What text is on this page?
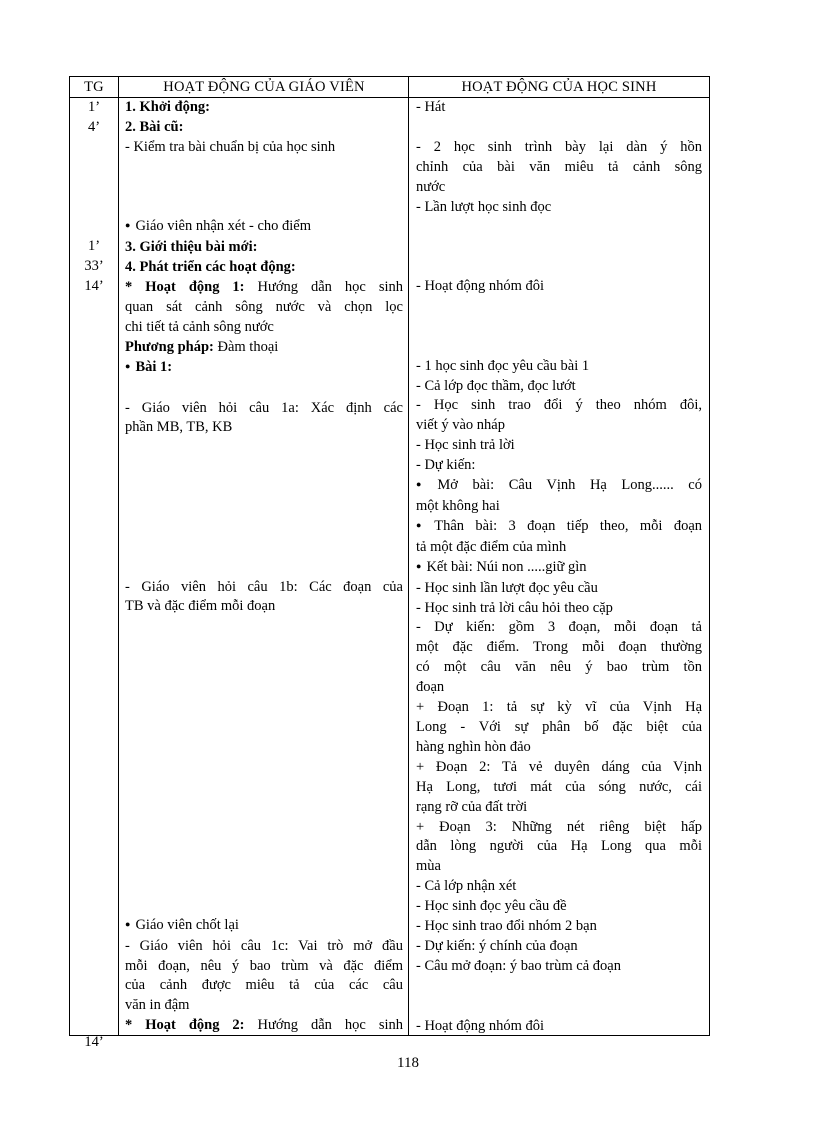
TG	HOẠT ĐỘNG CỦA GIÁO VIÊN	HOẠT ĐỘNG CỦA HỌC SINH
1’
4’
1’
33’
14’
14’
1. Khởi động:
2. Bài cũ:
- Kiểm tra bài chuẩn bị của học sinh
● Giáo viên nhận xét - cho điểm
3. Giới thiệu bài mới:
4. Phát triển các hoạt động:
* Hoạt động 1: Hướng dẫn học sinh
quan sát cảnh sông nước và chọn lọc
chi tiết tả cảnh sông nước
Phương pháp: Đàm thoại
● Bài 1:
- Giáo viên hỏi câu 1a: Xác định các
phần MB, TB, KB
- Giáo viên hỏi câu 1b: Các đoạn của
TB và đặc điểm mỗi đoạn
● Giáo viên chốt lại
- Giáo viên hỏi câu 1c: Vai trò mở đầu
mỗi đoạn, nêu ý bao trùm và đặc điểm
của cảnh được miêu tả của các câu
văn in đậm
* Hoạt động 2: Hướng dẫn học sinh
- Hát
- 2 học sinh trình bày lại dàn ý hồn
chỉnh của bài văn miêu tả cảnh sông
nước
- Lần lượt học sinh đọc
- Hoạt động nhóm đôi
- 1 học sinh đọc yêu cầu bài 1
- Cả lớp đọc thầm, đọc lướt
- Học sinh trao đổi ý theo nhóm đôi,
viết ý vào nháp
- Học sinh trả lời
- Dự kiến:
● Mở bài: Câu Vịnh Hạ Long...... có
một không hai
● Thân bài: 3 đoạn tiếp theo, mỗi đoạn
tả một đặc điểm của mình
● Kết bài: Núi non .....giữ gìn
- Học sinh lần lượt đọc yêu cầu
- Học sinh trả lời câu hỏi theo cặp
- Dự kiến: gồm 3 đoạn, mỗi đoạn tả
một đặc điểm. Trong mỗi đoạn thường
có một câu văn nêu ý bao trùm tồn
đoạn
+ Đoạn 1: tả sự kỳ vĩ của Vịnh Hạ
Long - Với sự phân bố đặc biệt của
hàng nghìn hòn đảo
+ Đoạn 2: Tả vẻ duyên dáng của Vịnh
Hạ Long, tươi mát của sóng nước, cái
rạng rỡ của đất trời
+ Đoạn 3: Những nét riêng biệt hấp
dẫn lòng người của Hạ Long qua mỗi
mùa
- Cả lớp nhận xét
- Học sinh đọc yêu cầu đề
- Học sinh trao đổi nhóm 2 bạn
- Dự kiến: ý chính của đoạn
- Câu mở đoạn: ý bao trùm cả đoạn
- Hoạt động nhóm đôi
118
